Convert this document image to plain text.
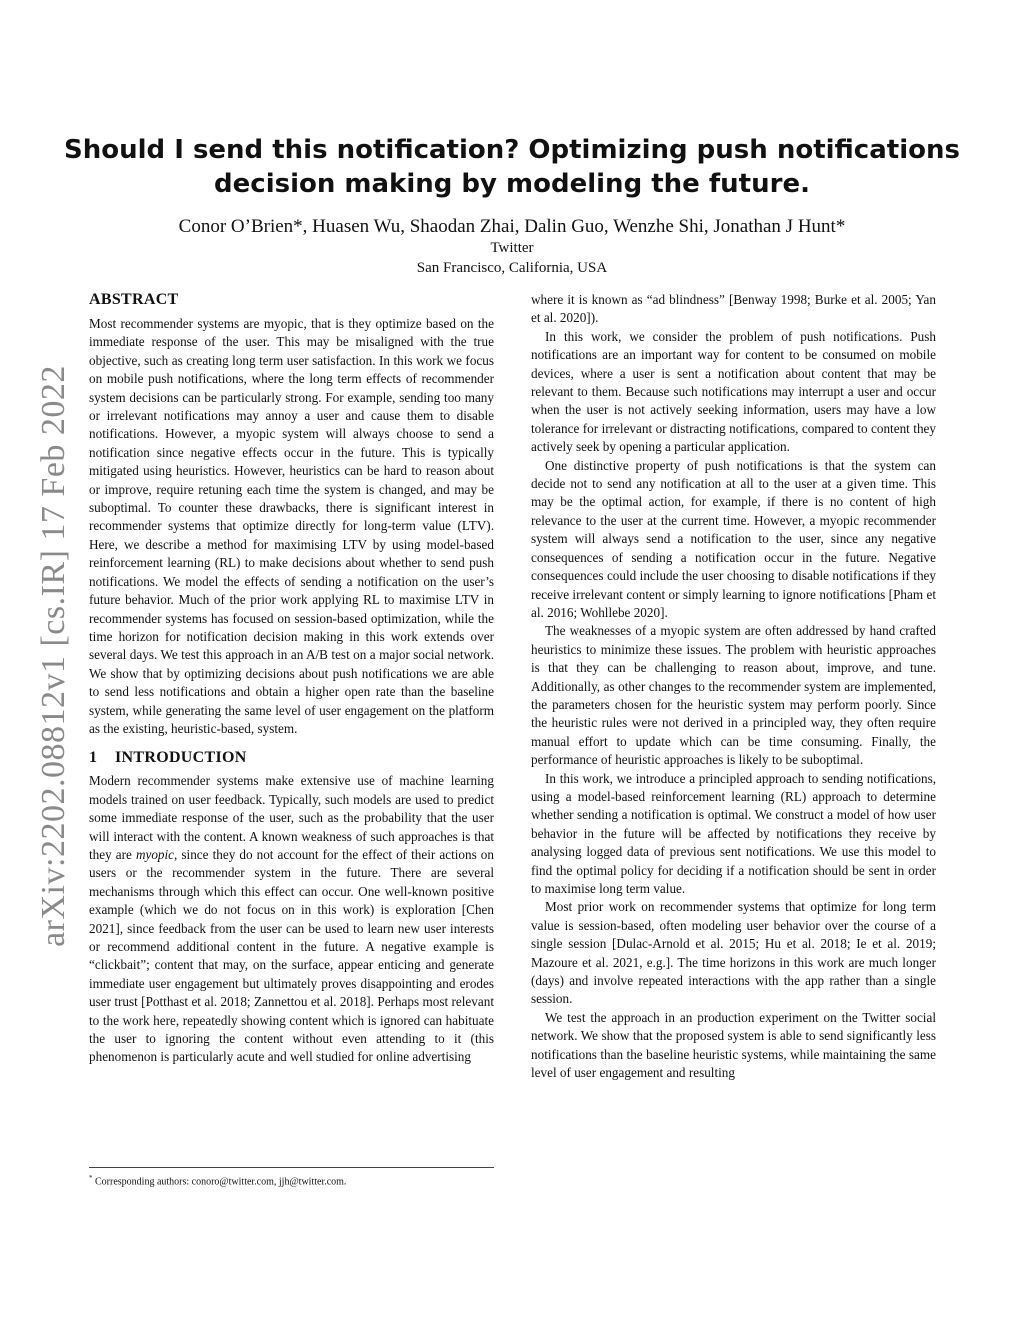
arXiv:2202.08812v1 [cs.IR] 17 Feb 2022
Should I send this notification? Optimizing push notifications
decision making by modeling the future.
Conor O’Brien*, Huasen Wu, Shaodan Zhai, Dalin Guo, Wenzhe Shi, Jonathan J Hunt*
Twitter
San Francisco, California, USA
ABSTRACT

Most recommender systems are myopic, that is they optimize based on the immediate response of the user. This may be misaligned with the true objective, such as creating long term user satisfaction. In this work we focus on mobile push notifications, where the long term effects of recommender system decisions can be particularly strong. For example, sending too many or irrelevant notifications may annoy a user and cause them to disable notifications. However, a myopic system will always choose to send a notification since negative effects occur in the future. This is typically mitigated using heuristics. However, heuristics can be hard to reason about or improve, require retuning each time the system is changed, and may be suboptimal. To counter these drawbacks, there is significant interest in recommender systems that optimize directly for long-term value (LTV). Here, we describe a method for maximising LTV by using model-based reinforcement learning (RL) to make decisions about whether to send push notifications. We model the effects of sending a notification on the user’s future behavior. Much of the prior work applying RL to maximise LTV in recommender systems has focused on session-based optimization, while the time horizon for notification decision making in this work extends over several days. We test this approach in an A/B test on a major social network. We show that by optimizing decisions about push notifications we are able to send less notifications and obtain a higher open rate than the baseline system, while generating the same level of user engagement on the platform as the existing, heuristic-based, system.

1 INTRODUCTION

Modern recommender systems make extensive use of machine learning models trained on user feedback. Typically, such models are used to predict some immediate response of the user, such as the probability that the user will interact with the content. A known weakness of such approaches is that they are myopic, since they do not account for the effect of their actions on users or the recommender system in the future. There are several mechanisms through which this effect can occur. One well-known positive example (which we do not focus on in this work) is exploration [Chen 2021], since feedback from the user can be used to learn new user interests or recommend additional content in the future. A negative example is “clickbait”; content that may, on the surface, appear enticing and generate immediate user engagement but ultimately proves disappointing and erodes user trust [Potthast et al. 2018; Zannettou et al. 2018]. Perhaps most relevant to the work here, repeatedly showing content which is ignored can habituate the user to ignoring the content without even attending to it (this phenomenon is particularly acute and well studied for online advertising

where it is known as “ad blindness” [Benway 1998; Burke et al. 2005; Yan et al. 2020]).

In this work, we consider the problem of push notifications. Push notifications are an important way for content to be consumed on mobile devices, where a user is sent a notification about content that may be relevant to them. Because such notifications may interrupt a user and occur when the user is not actively seeking information, users may have a low tolerance for irrelevant or distracting notifications, compared to content they actively seek by opening a particular application.

One distinctive property of push notifications is that the system can decide not to send any notification at all to the user at a given time. This may be the optimal action, for example, if there is no content of high relevance to the user at the current time. However, a myopic recommender system will always send a notification to the user, since any negative consequences of sending a notification occur in the future. Negative consequences could include the user choosing to disable notifications if they receive irrelevant content or simply learning to ignore notifications [Pham et al. 2016; Wohllebe 2020].

The weaknesses of a myopic system are often addressed by hand crafted heuristics to minimize these issues. The problem with heuristic approaches is that they can be challenging to reason about, improve, and tune. Additionally, as other changes to the recommender system are implemented, the parameters chosen for the heuristic system may perform poorly. Since the heuristic rules were not derived in a principled way, they often require manual effort to update which can be time consuming. Finally, the performance of heuristic approaches is likely to be suboptimal.

In this work, we introduce a principled approach to sending notifications, using a model-based reinforcement learning (RL) approach to determine whether sending a notification is optimal. We construct a model of how user behavior in the future will be affected by notifications they receive by analysing logged data of previous sent notifications. We use this model to find the optimal policy for deciding if a notification should be sent in order to maximise long term value.

Most prior work on recommender systems that optimize for long term value is session-based, often modeling user behavior over the course of a single session [Dulac-Arnold et al. 2015; Hu et al. 2018; Ie et al. 2019; Mazoure et al. 2021, e.g.]. The time horizons in this work are much longer (days) and involve repeated interactions with the app rather than a single session.

We test the approach in an production experiment on the Twitter social network. We show that the proposed system is able to send significantly less notifications than the baseline heuristic systems, while maintaining the same level of user engagement and resulting

* Corresponding authors: conoro@twitter.com, jjh@twitter.com.
